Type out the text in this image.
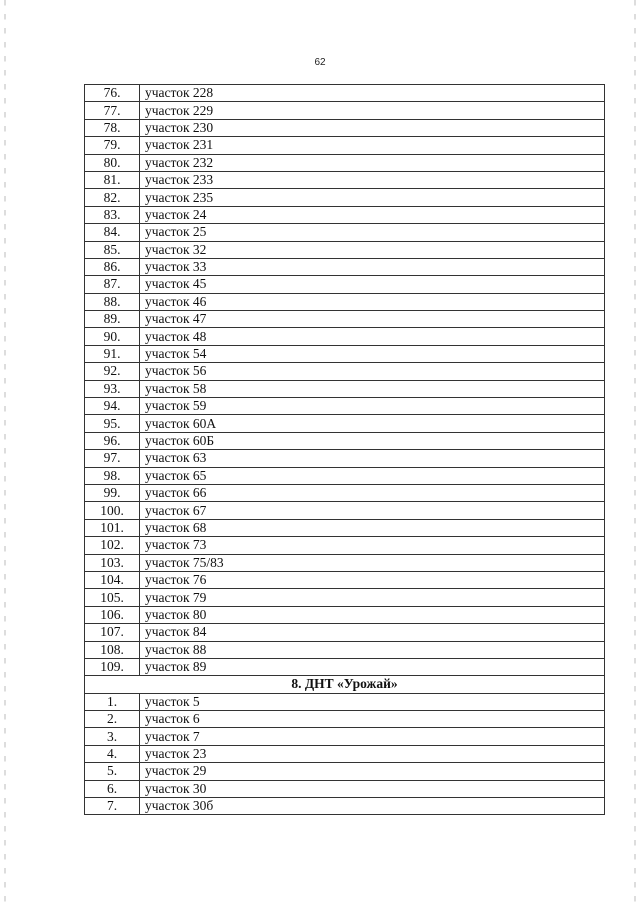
62
76.	участок 228
77.	участок 229
78.	участок 230
79.	участок 231
80.	участок 232
81.	участок 233
82.	участок 235
83.	участок 24
84.	участок 25
85.	участок 32
86.	участок 33
87.	участок 45
88.	участок 46
89.	участок 47
90.	участок 48
91.	участок 54
92.	участок 56
93.	участок 58
94.	участок 59
95.	участок 60А
96.	участок 60Б
97.	участок 63
98.	участок 65
99.	участок 66
100.	участок 67
101.	участок 68
102.	участок 73
103.	участок 75/83
104.	участок 76
105.	участок 79
106.	участок 80
107.	участок 84
108.	участок 88
109.	участок 89
8. ДНТ «Урожай»	
1.	участок 5
2.	участок 6
3.	участок 7
4.	участок 23
5.	участок 29
6.	участок 30
7.	участок 30б
